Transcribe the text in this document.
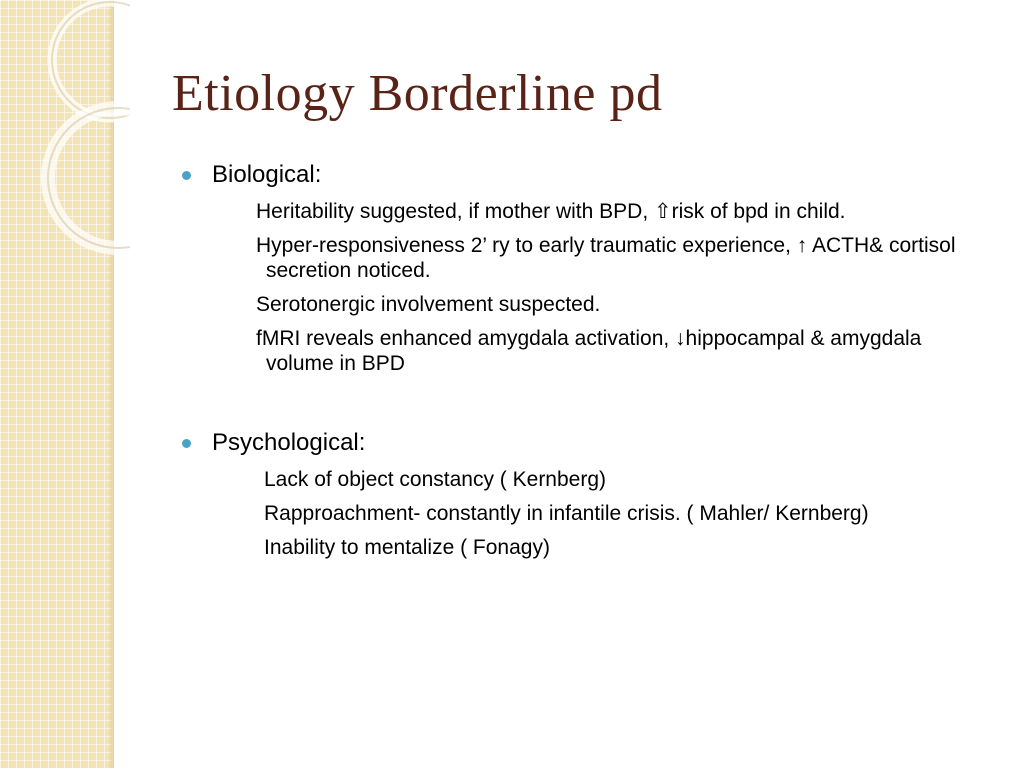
Etiology Borderline pd
Biological:
Heritability suggested, if mother with BPD, ⇧risk of bpd in child.
Hyper-responsiveness 2’ ry to early traumatic experience, ↑ ACTH& cortisol secretion noticed.
Serotonergic involvement suspected.
fMRI reveals enhanced amygdala activation, ↓hippocampal & amygdala volume in BPD
Psychological:
Lack of object constancy ( Kernberg)
Rapproachment- constantly in infantile crisis. ( Mahler/ Kernberg)
Inability to mentalize ( Fonagy)
